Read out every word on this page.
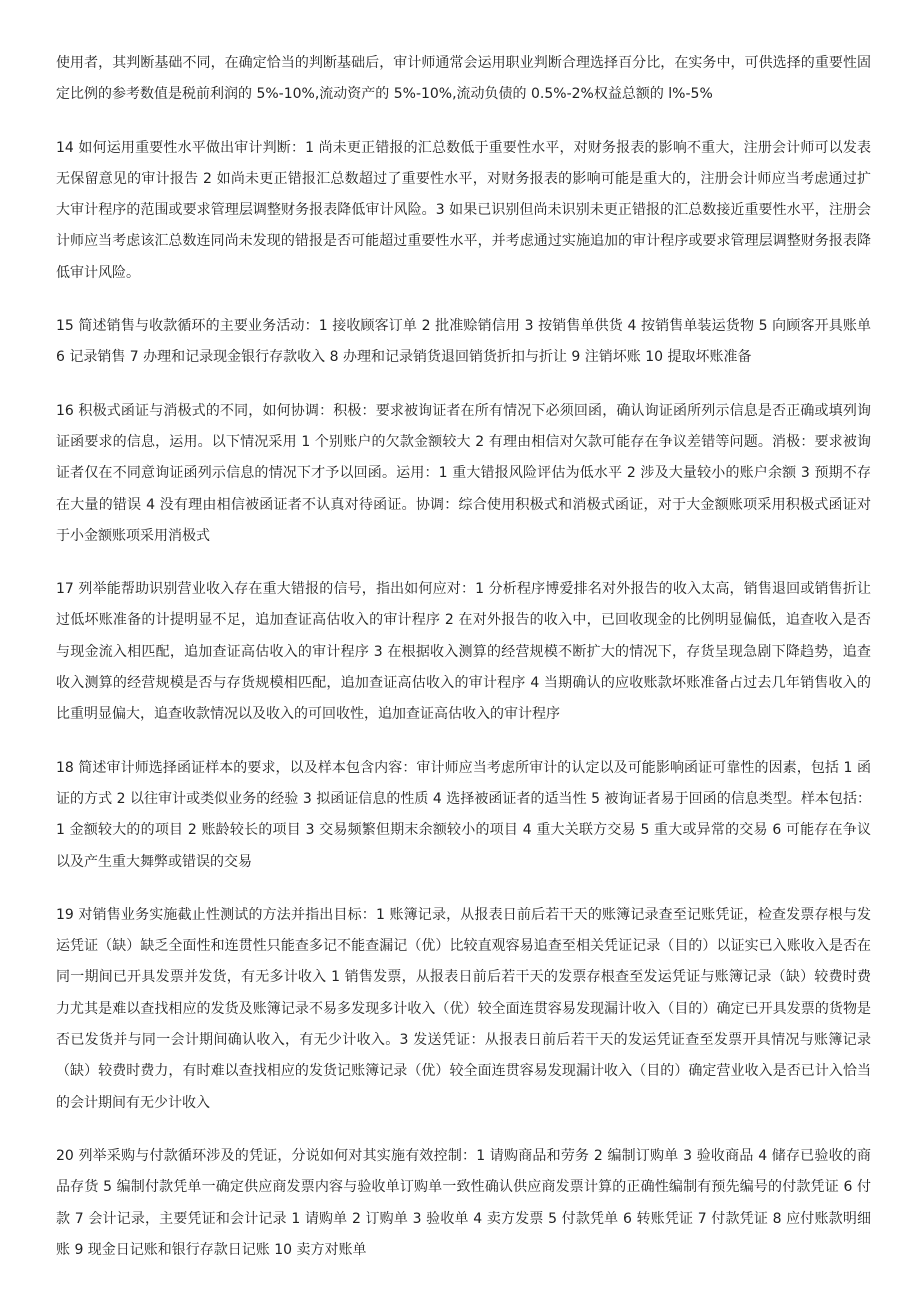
使用者，其判断基础不同，在确定恰当的判断基础后，审计师通常会运用职业判断合理选择百分比，在实务中，可供选择的重要性固定比例的参考数值是税前利润的 5%-10%,流动资产的 5%-10%,流动负债的 0.5%-2%权益总额的 l%-5%

14 如何运用重要性水平做出审计判断：1 尚未更正错报的汇总数低于重要性水平，对财务报表的影响不重大，注册会计师可以发表无保留意见的审计报告 2 如尚未更正错报汇总数超过了重要性水平，对财务报表的影响可能是重大的，注册会计师应当考虑通过扩大审计程序的范围或要求管理层调整财务报表降低审计风险。3 如果已识别但尚未识别未更正错报的汇总数接近重要性水平，注册会计师应当考虑该汇总数连同尚未发现的错报是否可能超过重要性水平，并考虑通过实施追加的审计程序或要求管理层调整财务报表降低审计风险。

15 简述销售与收款循环的主要业务活动：1 接收顾客订单 2 批准赊销信用 3 按销售单供货 4 按销售单装运货物 5 向顾客开具账单 6 记录销售 7 办理和记录现金银行存款收入 8 办理和记录销货退回销货折扣与折让 9 注销坏账 10 提取坏账准备

16 积极式函证与消极式的不同，如何协调：积极：要求被询证者在所有情况下必须回函，确认询证函所列示信息是否正确或填列询证函要求的信息，运用。以下情况采用 1 个别账户的欠款金额较大 2 有理由相信对欠款可能存在争议差错等问题。消极：要求被询证者仅在不同意询证函列示信息的情况下才予以回函。运用：1 重大错报风险评估为低水平 2 涉及大量较小的账户余额 3 预期不存在大量的错误 4 没有理由相信被函证者不认真对待函证。协调：综合使用积极式和消极式函证，对于大金额账项采用积极式函证对于小金额账项采用消极式

17 列举能帮助识别营业收入存在重大错报的信号，指出如何应对：1 分析程序博爱排名对外报告的收入太高，销售退回或销售折让过低坏账准备的计提明显不足，追加查证高估收入的审计程序 2 在对外报告的收入中，已回收现金的比例明显偏低，追查收入是否与现金流入相匹配，追加查证高估收入的审计程序 3 在根据收入测算的经营规模不断扩大的情况下，存货呈现急剧下降趋势，追查收入测算的经营规模是否与存货规模相匹配，追加查证高估收入的审计程序 4 当期确认的应收账款坏账准备占过去几年销售收入的比重明显偏大，追查收款情况以及收入的可回收性，追加查证高估收入的审计程序

18 简述审计师选择函证样本的要求，以及样本包含内容：审计师应当考虑所审计的认定以及可能影响函证可靠性的因素，包括 1 函证的方式 2 以往审计或类似业务的经验 3 拟函证信息的性质 4 选择被函证者的适当性 5 被询证者易于回函的信息类型。样本包括：1 金额较大的的项目 2 账龄较长的项目 3 交易频繁但期末余额较小的项目 4 重大关联方交易 5 重大或异常的交易 6 可能存在争议以及产生重大舞弊或错误的交易

19 对销售业务实施截止性测试的方法并指出目标：1 账簿记录，从报表日前后若干天的账簿记录查至记账凭证，检查发票存根与发运凭证（缺）缺乏全面性和连贯性只能查多记不能查漏记（优）比较直观容易追查至相关凭证记录（目的）以证实已入账收入是否在同一期间已开具发票并发货，有无多计收入 1 销售发票，从报表日前后若干天的发票存根查至发运凭证与账簿记录（缺）较费时费力尤其是难以查找相应的发货及账簿记录不易多发现多计收入（优）较全面连贯容易发现漏计收入（目的）确定已开具发票的货物是否已发货并与同一会计期间确认收入，有无少计收入。3 发送凭证：从报表日前后若干天的发运凭证查至发票开具情况与账簿记录（缺）较费时费力，有时难以查找相应的发货记账簿记录（优）较全面连贯容易发现漏计收入（目的）确定营业收入是否已计入恰当的会计期间有无少计收入

20 列举采购与付款循环涉及的凭证，分说如何对其实施有效控制：1 请购商品和劳务 2 编制订购单 3 验收商品 4 储存已验收的商品存货 5 编制付款凭单一确定供应商发票内容与验收单订购单一致性确认供应商发票计算的正确性编制有预先编号的付款凭证 6 付款 7 会计记录，主要凭证和会计记录 1 请购单 2 订购单 3 验收单 4 卖方发票 5 付款凭单 6 转账凭证 7 付款凭证 8 应付账款明细账 9 现金日记账和银行存款日记账 10 卖方对账单
